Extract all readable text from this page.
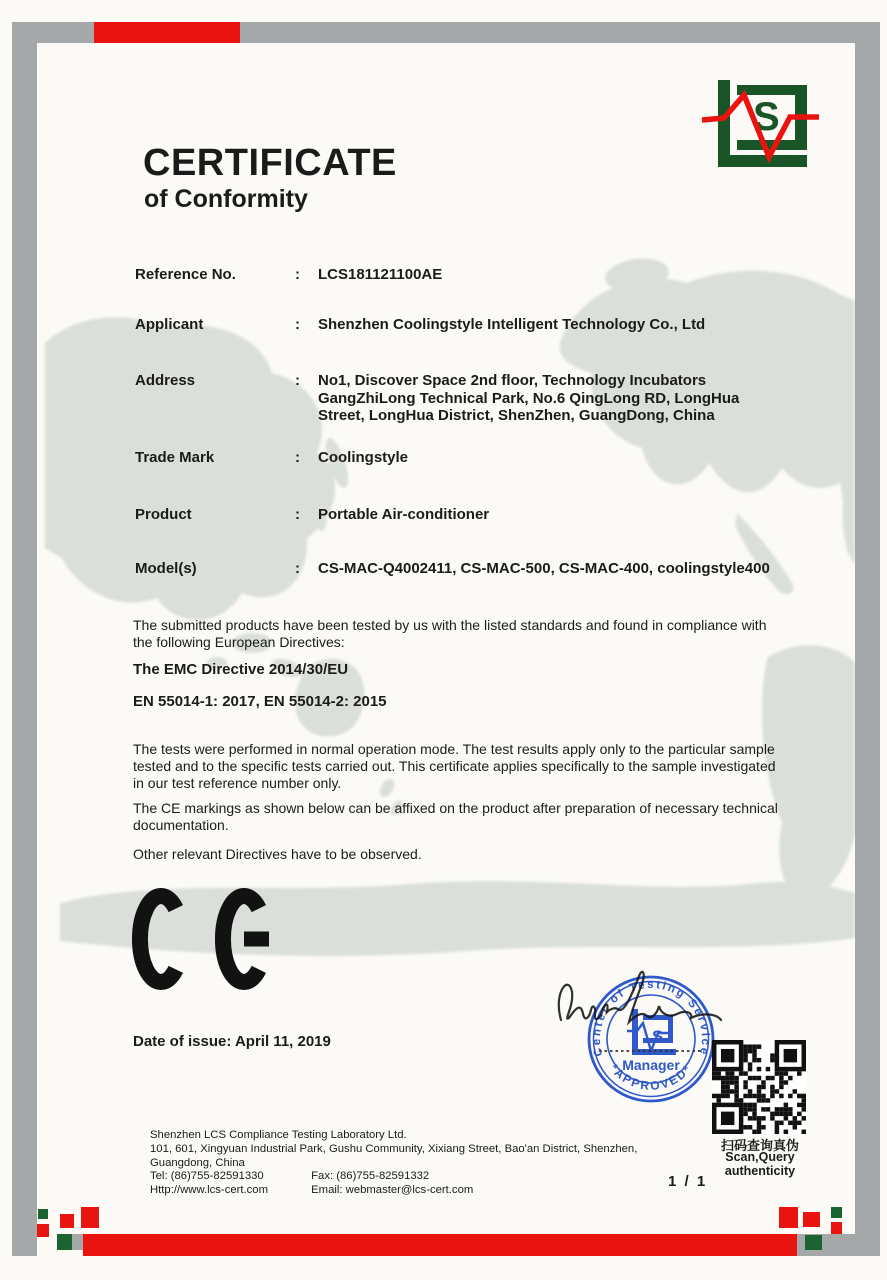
S
CERTIFICATE
of Conformity
Reference No.	:	LCS181121100AE
Applicant	:	Shenzhen Coolingstyle Intelligent Technology Co., Ltd
Address	:	No1, Discover Space 2nd floor, Technology Incubators GangZhiLong Technical Park, No.6 QingLong RD, LongHua Street, LongHua District, ShenZhen, GuangDong, China
Trade Mark	:	Coolingstyle
Product	:	Portable Air-conditioner
Model(s)	:	CS-MAC-Q4002411, CS-MAC-500, CS-MAC-400, coolingstyle400
The submitted products have been tested by us with the listed standards and found in compliance with the following European Directives:
The EMC Directive 2014/30/EU
EN 55014-1: 2017, EN 55014-2: 2015
The tests were performed in normal operation mode. The test results apply only to the particular sample tested and to the specific tests carried out. This certificate applies specifically to the sample investigated in our test reference number only.
The CE markings as shown below can be affixed on the product after preparation of necessary technical documentation.
Other relevant Directives have to be observed.
Date of issue: April 11, 2019
Center of Testing Service
*APPROVED*
S
Manager
扫码查询真伪
Scan,Query authenticity
Shenzhen LCS Compliance Testing Laboratory Ltd.
101, 601, Xingyuan Industrial Park, Gushu Community, Xixiang Street, Bao'an District, Shenzhen,
Guangdong, China
Tel: (86)755-82591330	Fax: (86)755-82591332
Http://www.lcs-cert.com	Email: webmaster@lcs-cert.com
1 / 1
